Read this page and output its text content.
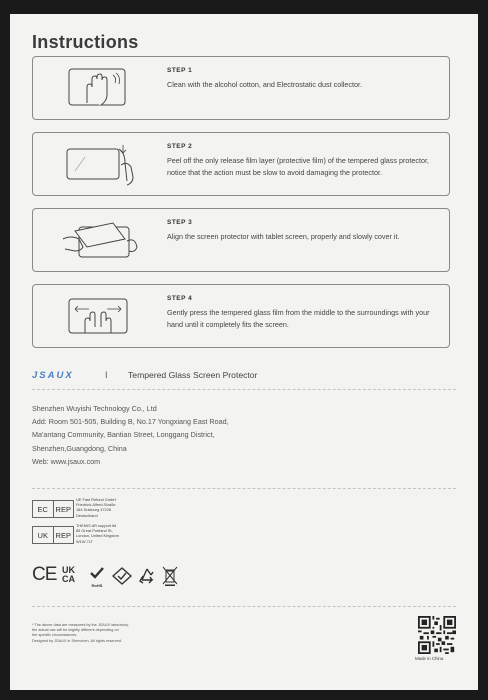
Instructions
STEP 1
Clean with the alcohol cotton, and Electrostatic dust collector.
STEP 2
Peel off the only release film layer (protective film) of the tempered glass protector, notice that the action must be slow to avoid damaging the protector.
STEP 3
Align the screen protector with tablet screen, properly and slowly cover it.
STEP 4
Gently press the tempered glass film from the middle to the surroundings with your hand until it completely fits the screen.
JSAUX	I Tempered Glass Screen Protector
Shenzhen Wuyishi Technology Co., Ltd
Add: Room 501-505, Building B, No.17 Yongxiang East Road,
Ma'antang Community, Bantian Street, Longgang District,
Shenzhen,Guangdong, China
Web: www.jsaux.com
EC	REP
UE Fast Refund GmbH
Friedrich-Alfred-Straße
184 Duisburg 47226
Deutschland
UK	REP
THEMIS AR support ltd
85 Great Portland St,
London, United Kingdom
W1W 7LT
CE UK
CA
RoHS
* The above data are measured by the JSAUX laboratory,
the actual use will be slightly different depending on
the specific circumstances.
Designed by JSAUX in Shenzhen. All rights reserved.
Made in China
